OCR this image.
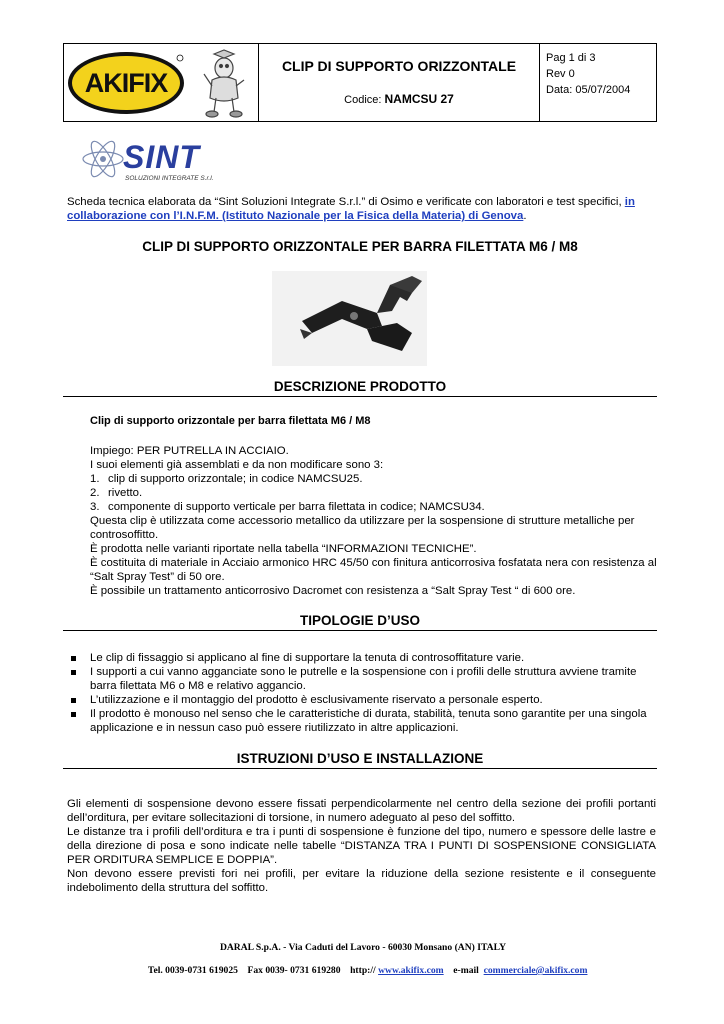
AKIFIX
CLIP DI SUPPORTO ORIZZONTALE
Codice: NAMCSU 27
Pag 1 di 3
Rev 0
Data: 05/07/2004
SINT
SOLUZIONI INTEGRATE S.r.l.
Scheda tecnica elaborata da “Sint Soluzioni Integrate S.r.l.” di Osimo e verificate con laboratori e test specifici, in collaborazione con l’I.N.F.M. (Istituto Nazionale per la Fisica della Materia) di Genova.
CLIP DI SUPPORTO ORIZZONTALE PER BARRA FILETTATA M6 / M8
DESCRIZIONE PRODOTTO
Clip di supporto orizzontale per barra filettata M6 / M8
Impiego: PER PUTRELLA IN ACCIAIO.
I suoi elementi già assemblati e da non modificare sono 3:
1. clip di supporto orizzontale; in codice NAMCSU25.
2. rivetto.
3. componente di supporto verticale per barra filettata in codice; NAMCSU34.
Questa clip è utilizzata come accessorio metallico da utilizzare per la sospensione di strutture metalliche per controsoffitto.
È prodotta nelle varianti riportate nella tabella “INFORMAZIONI TECNICHE”.
È costituita di materiale in Acciaio armonico HRC 45/50 con finitura anticorrosiva fosfatata nera con resistenza al “Salt Spray Test” di 50 ore.
È possibile un trattamento anticorrosivo Dacromet con resistenza a “Salt Spray Test “ di 600 ore.
TIPOLOGIE D’USO
Le clip di fissaggio si applicano al fine di supportare la tenuta di controsoffitature varie.
I supporti a cui vanno agganciate sono le putrelle e la sospensione con i profili delle struttura avviene tramite barra filettata M6 o M8 e relativo aggancio.
L’utilizzazione e il montaggio del prodotto è esclusivamente riservato a personale esperto.
Il prodotto è monouso nel senso che le caratteristiche di durata, stabilità, tenuta sono garantite per una singola applicazione e in nessun caso può essere riutilizzato in altre applicazioni.
ISTRUZIONI D’USO E INSTALLAZIONE
Gli elementi di sospensione devono essere fissati perpendicolarmente nel centro della sezione dei profili portanti dell’orditura, per evitare sollecitazioni di torsione, in numero adeguato al peso del soffitto.
Le distanze tra i profili dell’orditura e tra i punti di sospensione è funzione del tipo, numero e spessore delle lastre e della direzione di posa e sono indicate nelle tabelle “DISTANZA TRA I PUNTI DI SOSPENSIONE CONSIGLIATA PER ORDITURA SEMPLICE E DOPPIA”.
Non devono essere previsti fori nei profili, per evitare la riduzione della sezione resistente e il conseguente indebolimento della struttura del soffitto.
DARAL S.p.A. - Via Caduti del Lavoro - 60030 Monsano (AN) ITALY

Tel. 0039-0731 619025    Fax 0039- 0731 619280    http:// www.akifix.com    e-mail  commerciale@akifix.com
